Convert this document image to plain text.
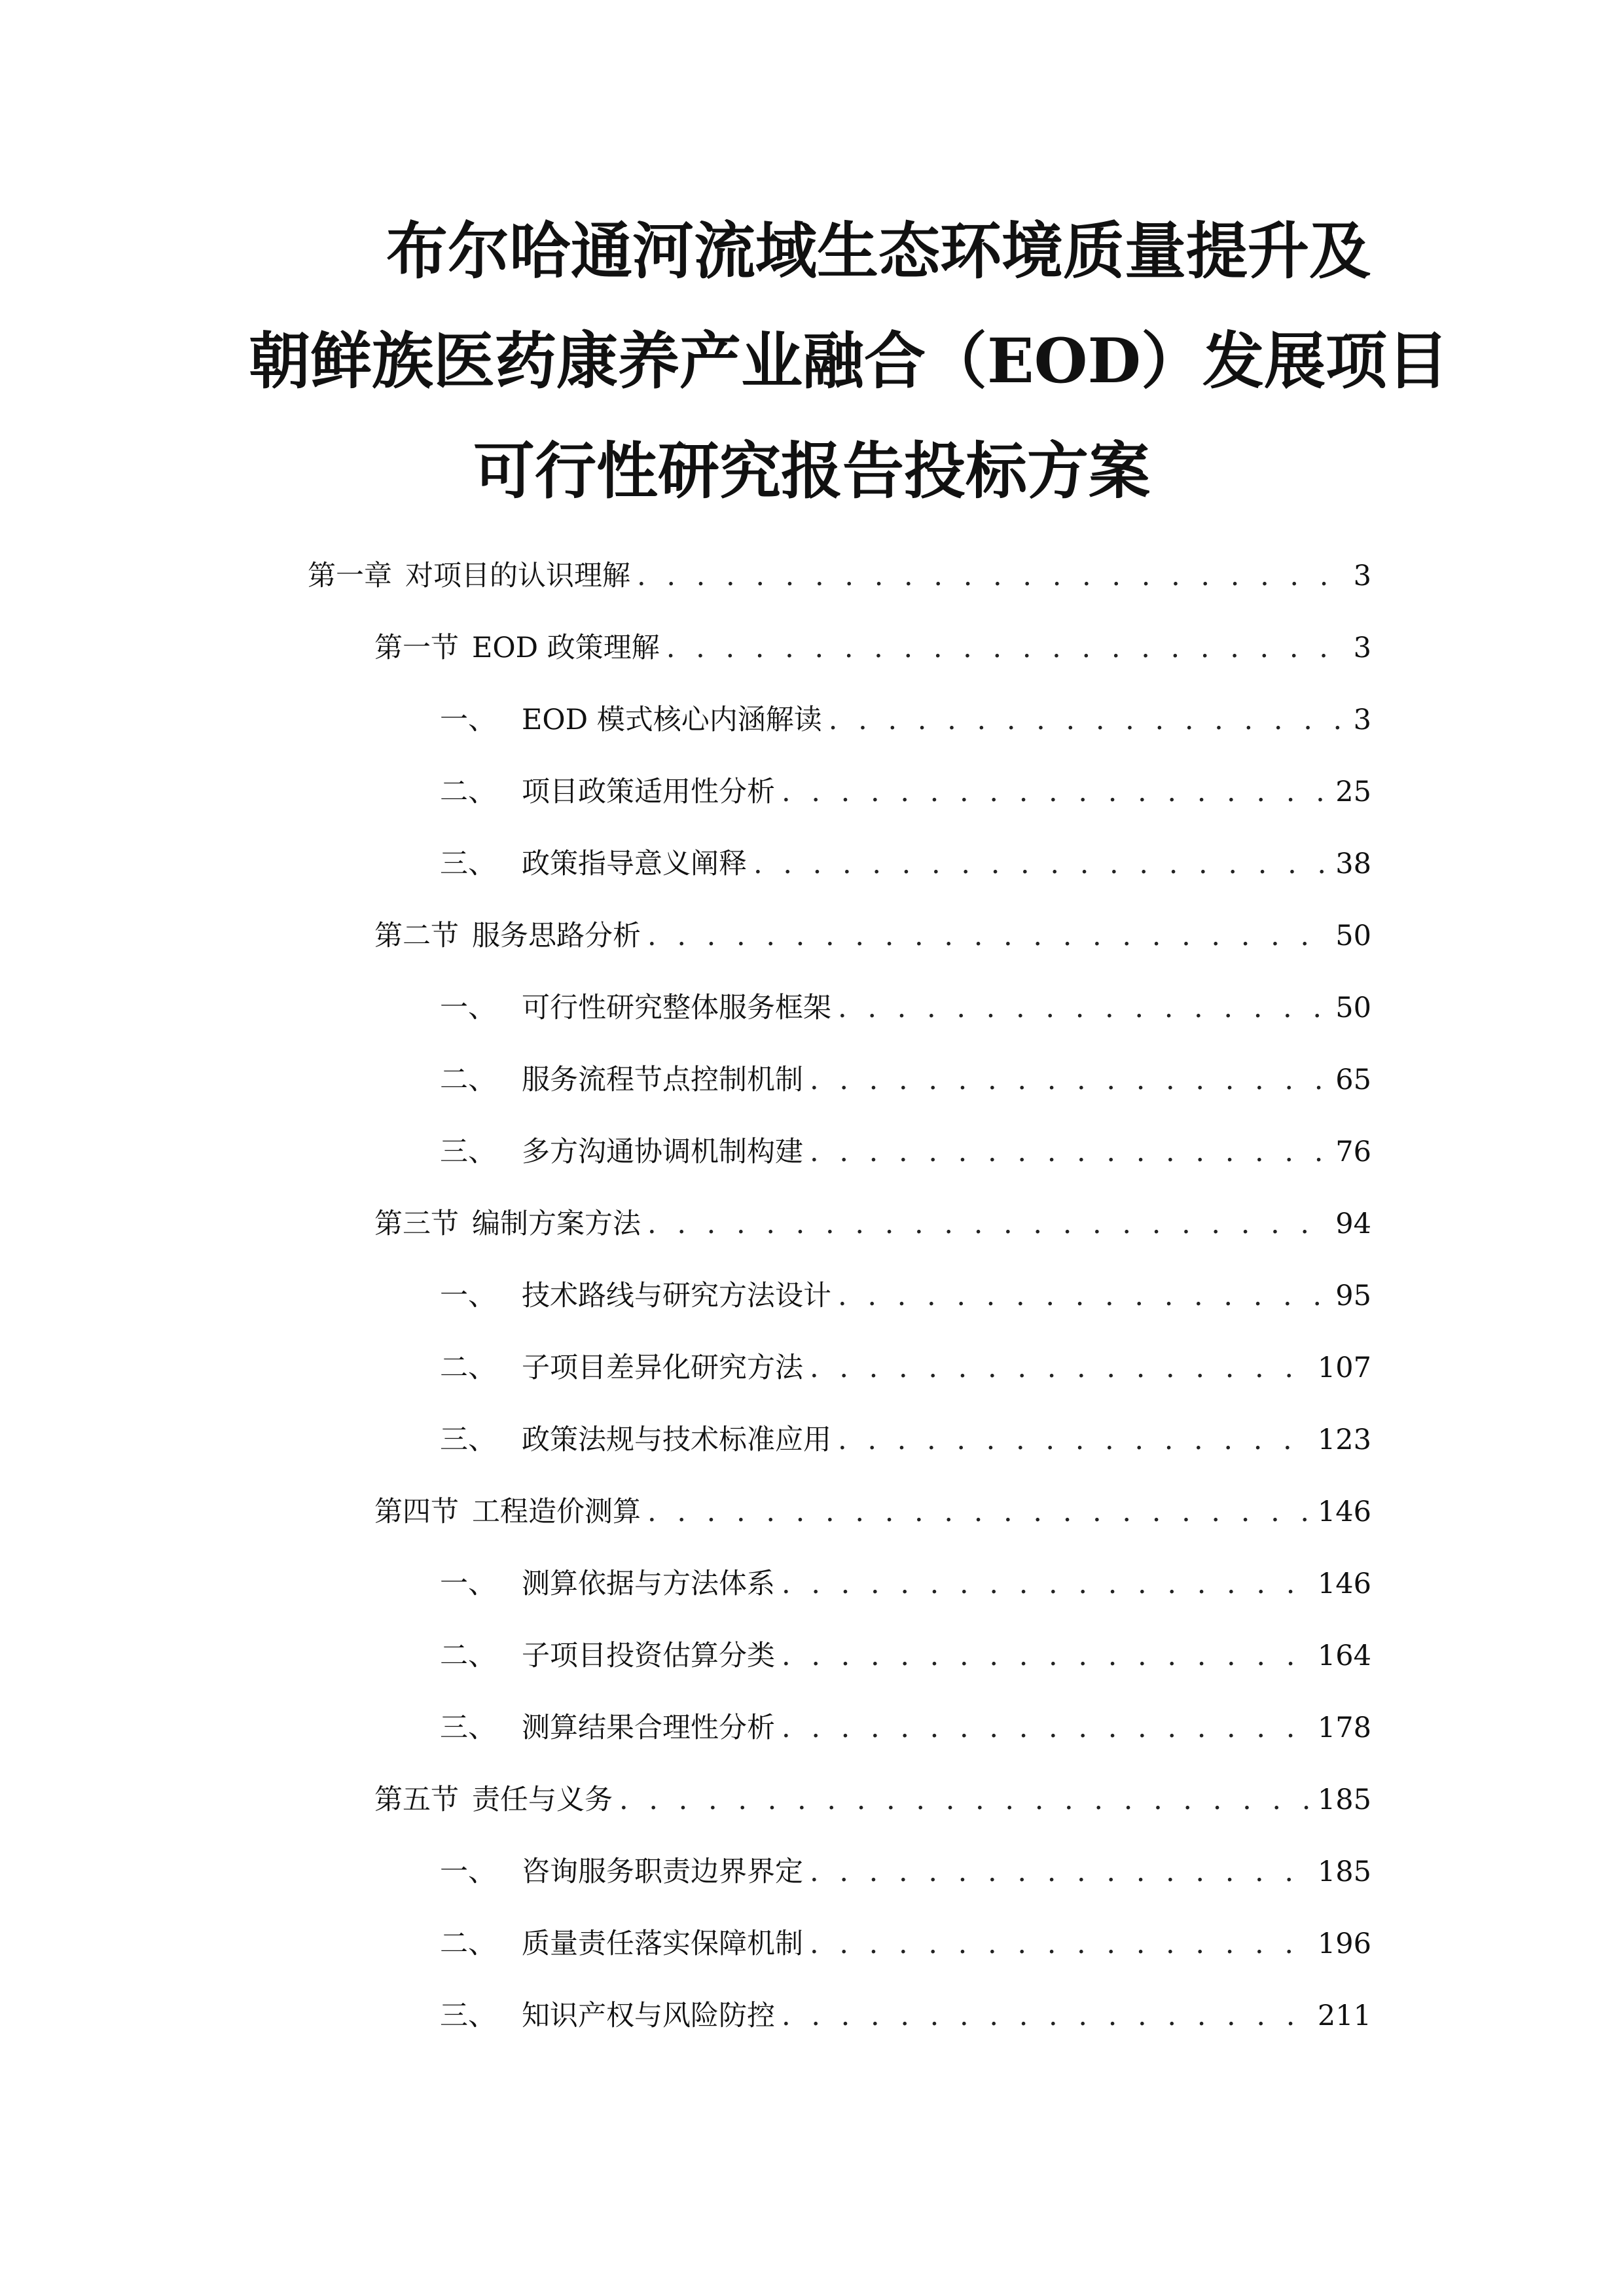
布尔哈通河流域生态环境质量提升及
朝鲜族医药康养产业融合（EOD）发展项目
可行性研究报告投标方案
第一章 对项目的认识理解 . . .	3
第一节 EOD 政策理解 . . .	3
一、 EOD 模式核心内涵解读 . . .	3
二、 项目政策适用性分析 . . .	25
三、 政策指导意义阐释 . . .	38
第二节 服务思路分析 . . .	50
一、 可行性研究整体服务框架 . . .	50
二、 服务流程节点控制机制 . . .	65
三、 多方沟通协调机制构建 . . .	76
第三节 编制方案方法 . . .	94
一、 技术路线与研究方法设计 . . .	95
二、 子项目差异化研究方法 . . .	107
三、 政策法规与技术标准应用 . . .	123
第四节 工程造价测算 . . .	146
一、 测算依据与方法体系 . . .	146
二、 子项目投资估算分类 . . .	164
三、 测算结果合理性分析 . . .	178
第五节 责任与义务 . . .	185
一、 咨询服务职责边界界定 . . .	185
二、 质量责任落实保障机制 . . .	196
三、 知识产权与风险防控 . . .	211
